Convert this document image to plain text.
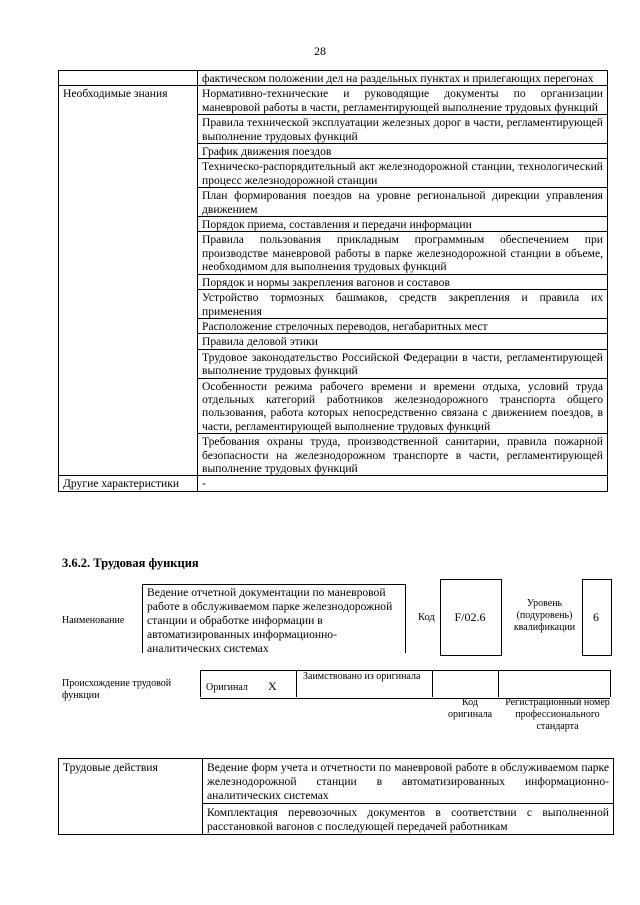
28
	фактическом положении дел на раздельных пунктах и прилегающих перегонах
Необходимые знания	Нормативно-технические и руководящие документы по организации маневровой работы в части, регламентирующей выполнение трудовых функций
	Правила технической эксплуатации железных дорог в части, регламентирующей выполнение трудовых функций
	График движения поездов
	Техническо-распорядительный акт железнодорожной станции, технологический процесс железнодорожной станции
	План формирования поездов на уровне региональной дирекции управления движением
	Порядок приема, составления и передачи информации
	Правила пользования прикладным программным обеспечением при производстве маневровой работы в парке железнодорожной станции в объеме, необходимом для выполнения трудовых функций
	Порядок и нормы закрепления вагонов и составов
	Устройство тормозных башмаков, средств закрепления и правила их применения
	Расположение стрелочных переводов, негабаритных мест
	Правила деловой этики
	Трудовое законодательство Российской Федерации в части, регламентирующей выполнение трудовых функций
	Особенности режима рабочего времени и времени отдыха, условий труда отдельных категорий работников железнодорожного транспорта общего пользования, работа которых непосредственно связана с движением поездов, в части, регламентирующей выполнение трудовых функций
	Требования охраны труда, производственной санитарии, правила пожарной безопасности на железнодорожном транспорте в части, регламентирующей выполнение трудовых функций
Другие характеристики	-
3.6.2. Трудовая функция
Наименование
Ведение отчетной документации по маневровой работе в обслуживаемом парке железнодорожной станции и обработке информации в автоматизированных информационно-аналитических системах
Код	F/02.6
Уровень (подуровень) квалификации
6
Происхождение трудовой функции
Оригинал X
Заимствовано из оригинала
Код оригинала
Регистрационный номер профессионального стандарта
Трудовые действия	Ведение форм учета и отчетности по маневровой работе в обслуживаемом парке железнодорожной станции в автоматизированных информационно-аналитических системах
Комплектация перевозочных документов в соответствии с выполненной расстановкой вагонов с последующей передачей работникам
